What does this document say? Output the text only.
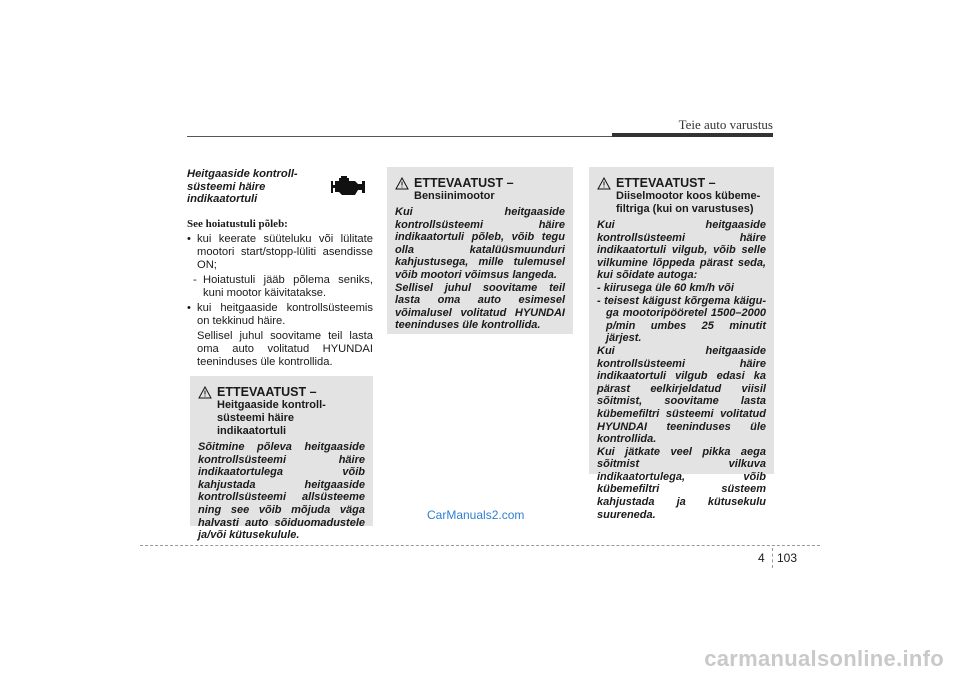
Teie auto varustus
Heitgaaside kontroll-
süsteemi häire
indikaatortuli
See hoiatustuli põleb:
• kui keerate süüteluku või lülitate mootori start/stopp-lüliti asendisse ON;
- Hoiatustuli jääb põlema seniks, kuni mootor käivitatakse.
• kui heitgaaside kontrollsüsteemis on tekkinud häire.
Sellisel juhul soovitame teil lasta oma auto volitatud HYUNDAI teeninduses üle kontrollida.
ETTEVAATUST –
Heitgaaside kontroll-
süsteemi häire
indikaatortuli

Sõitmine põleva heitgaaside kontrollsüsteemi häire indikaatortulega võib kahjustada heitgaaside kontrollsüsteemi allsüsteeme ning see võib mõjuda väga halvasti auto sõiduomadustele ja/või kütusekulule.

ETTEVAATUST –
Bensiinimootor

Kui heitgaaside kontrollsüsteemi häire indikaatortuli põleb, võib tegu olla katalüüsmuunduri kahjustusega, mille tulemusel võib mootori võimsus langeda.

Sellisel juhul soovitame teil lasta oma auto esimesel võimalusel volitatud HYUNDAI teeninduses üle kontrollida.

ETTEVAATUST –
Diiselmootor koos kübeme-
filtriga (kui on varustuses)

Kui heitgaaside kontrollsüsteemi häire indikaatortuli vilgub, võib selle vilkumine lõppeda pärast seda, kui sõidate autoga:

- kiirusega üle 60 km/h või

- teisest käigust kõrgema käigu-ga mootoripööretel 1500–2000 p/min umbes 25 minutit järjest.

Kui heitgaaside kontrollsüsteemi häire indikaatortuli vilgub edasi ka pärast eelkirjeldatud viisil sõitmist, soovitame lasta kübemefiltri süsteemi volitatud HYUNDAI teeninduses üle kontrollida.

Kui jätkate veel pikka aega sõitmist vilkuva indikaatortulega, võib kübemefiltri süsteem kahjustada ja kütusekulu suureneda.

CarManuals2.com
4 103
carmanualsonline.info
